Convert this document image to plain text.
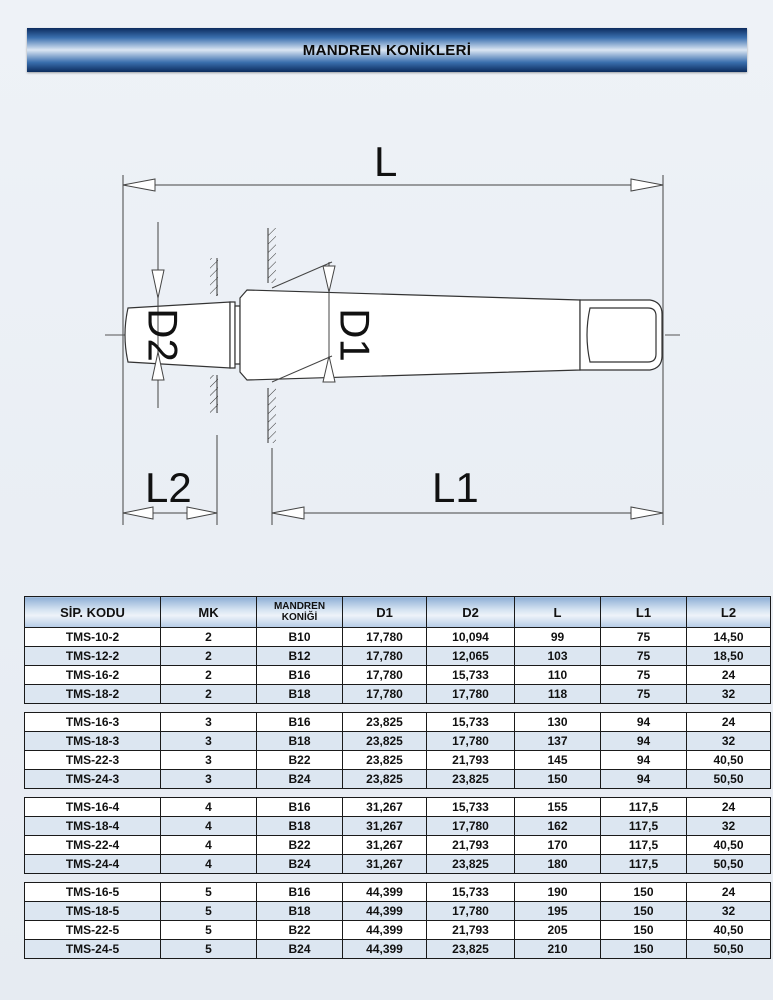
MANDREN KONİKLERİ
L
D2	D1
L2	L1
SİP. KODU	MK	MANDREN KONİĞİ	D1	D2	L	L1	L2
TMS-10-2	2	B10	17,780	10,094	99	75	14,50
TMS-12-2	2	B12	17,780	12,065	103	75	18,50
TMS-16-2	2	B16	17,780	15,733	110	75	24
TMS-18-2	2	B18	17,780	17,780	118	75	32

TMS-16-3	3	B16	23,825	15,733	130	94	24
TMS-18-3	3	B18	23,825	17,780	137	94	32
TMS-22-3	3	B22	23,825	21,793	145	94	40,50
TMS-24-3	3	B24	23,825	23,825	150	94	50,50

TMS-16-4	4	B16	31,267	15,733	155	117,5	24
TMS-18-4	4	B18	31,267	17,780	162	117,5	32
TMS-22-4	4	B22	31,267	21,793	170	117,5	40,50
TMS-24-4	4	B24	31,267	23,825	180	117,5	50,50

TMS-16-5	5	B16	44,399	15,733	190	150	24
TMS-18-5	5	B18	44,399	17,780	195	150	32
TMS-22-5	5	B22	44,399	21,793	205	150	40,50
TMS-24-5	5	B24	44,399	23,825	210	150	50,50
